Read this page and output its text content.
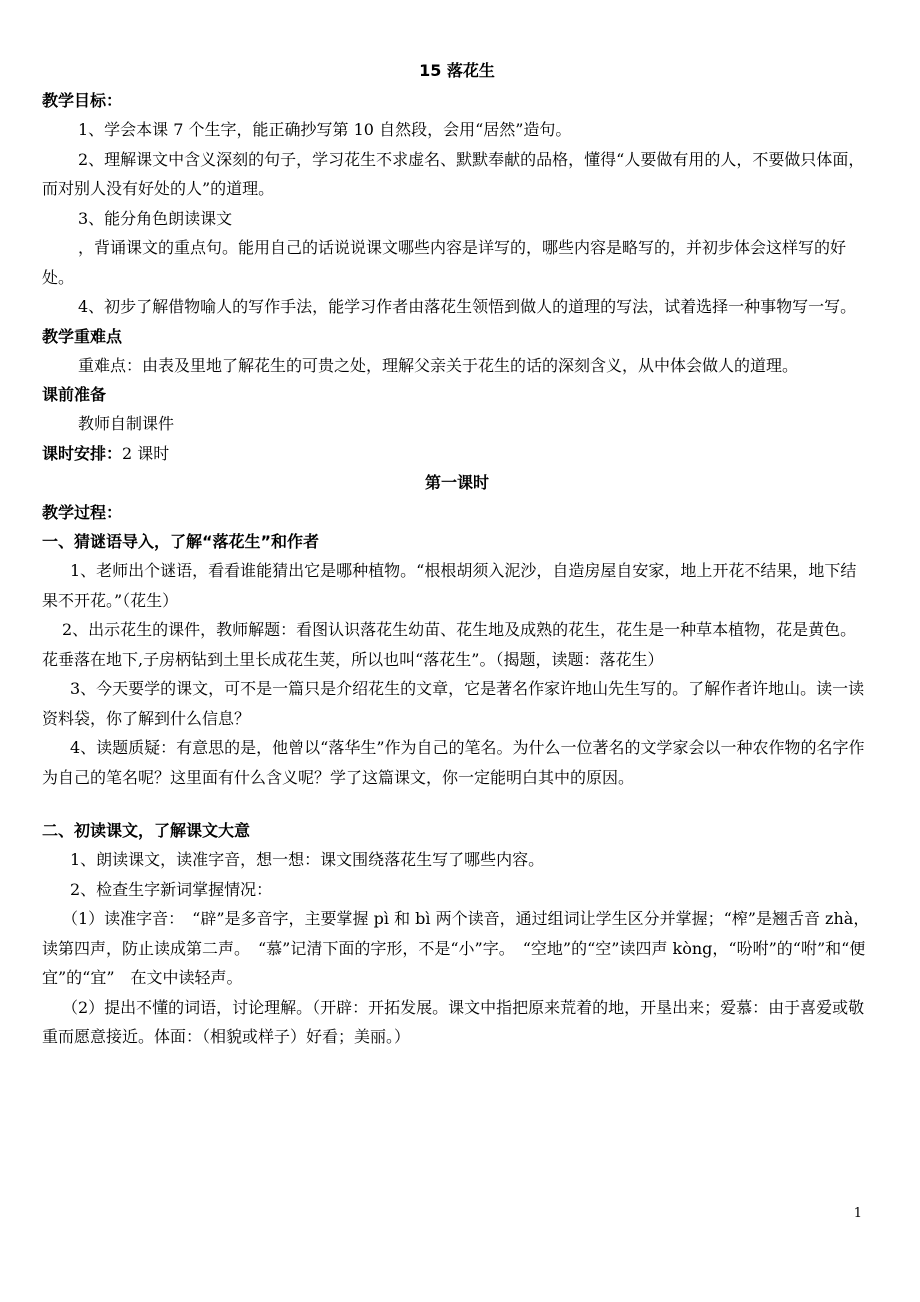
15 落花生
教学目标：

1、学会本课 7 个生字，能正确抄写第 10 自然段，会用“居然”造句。

2、理解课文中含义深刻的句子，学习花生不求虚名、默默奉献的品格，懂得“人要做有用的人，不要做只体面，而对别人没有好处的人”的道理。

3、能分角色朗读课文

，背诵课文的重点句。能用自己的话说说课文哪些内容是详写的，哪些内容是略写的，并初步体会这样写的好处。

4、初步了解借物喻人的写作手法，能学习作者由落花生领悟到做人的道理的写法，试着选择一种事物写一写。

教学重难点

重难点：由表及里地了解花生的可贵之处，理解父亲关于花生的话的深刻含义，从中体会做人的道理。

课前准备

教师自制课件

课时安排：2 课时

第一课时
教学过程：
一、猜谜语导入，了解“落花生”和作者

1、老师出个谜语，看看谁能猜出它是哪种植物。“根根胡须入泥沙，自造房屋自安家，地上开花不结果，地下结果不开花。”（花生）

2、出示花生的课件，教师解题：看图认识落花生幼苗、花生地及成熟的花生，花生是一种草本植物，花是黄色。花垂落在地下,子房柄钻到土里长成花生荚，所以也叫“落花生”。（揭题，读题：落花生）

3、今天要学的课文，可不是一篇只是介绍花生的文章，它是著名作家许地山先生写的。了解作者许地山。读一读资料袋，你了解到什么信息？

4、读题质疑：有意思的是，他曾以“落华生”作为自己的笔名。为什么一位著名的文学家会以一种农作物的名字作为自己的笔名呢？这里面有什么含义呢？学了这篇课文，你一定能明白其中的原因。

二、初读课文，了解课文大意

1、朗读课文，读准字音，想一想：课文围绕落花生写了哪些内容。

2、检查生字新词掌握情况：

（1）读准字音：　“辟”是多音字，主要掌握 pì 和 bì 两个读音，通过组词让学生区分并掌握；“榨”是翘舌音 zhà，读第四声，防止读成第二声。　“慕”记清下面的字形，不是“小”字。　“空地”的“空”读四声 kòng，“吩咐”的“咐”和“便宜”的“宜”　在文中读轻声。

（2）提出不懂的词语，讨论理解。（开辟：开拓发展。课文中指把原来荒着的地，开垦出来；爱慕：由于喜爱或敬重而愿意接近。体面：（相貌或样子）好看；美丽。）

1
